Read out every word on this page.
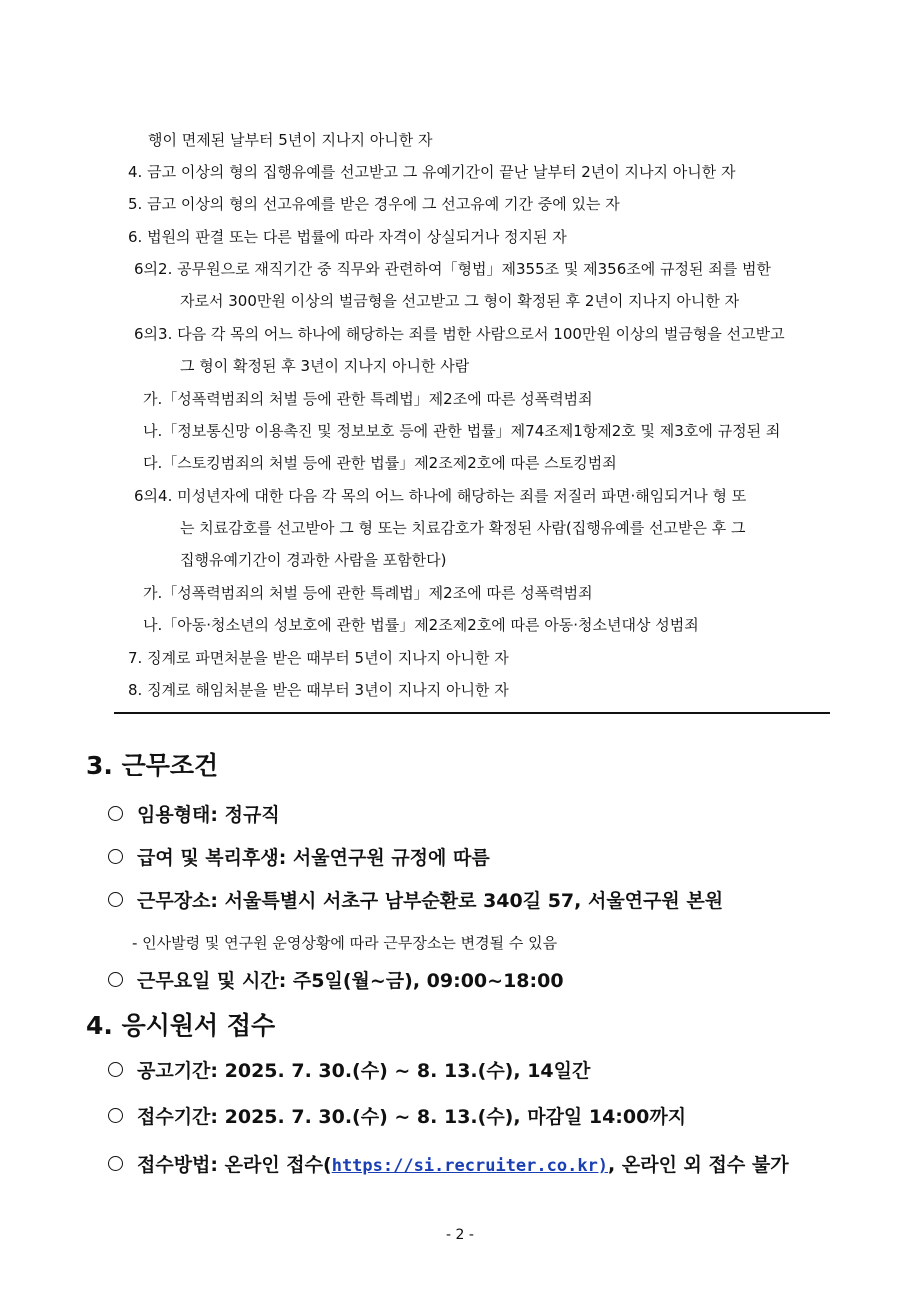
행이 면제된 날부터 5년이 지나지 아니한 자
4. 금고 이상의 형의 집행유예를 선고받고 그 유예기간이 끝난 날부터 2년이 지나지 아니한 자
5. 금고 이상의 형의 선고유예를 받은 경우에 그 선고유예 기간 중에 있는 자
6. 법원의 판결 또는 다른 법률에 따라 자격이 상실되거나 정지된 자
6의2. 공무원으로 재직기간 중 직무와 관련하여「형법」제355조 및 제356조에 규정된 죄를 범한
자로서 300만원 이상의 벌금형을 선고받고 그 형이 확정된 후 2년이 지나지 아니한 자
6의3. 다음 각 목의 어느 하나에 해당하는 죄를 범한 사람으로서 100만원 이상의 벌금형을 선고받고
그 형이 확정된 후 3년이 지나지 아니한 사람
가.「성폭력범죄의 처벌 등에 관한 특례법」제2조에 따른 성폭력범죄
나.「정보통신망 이용촉진 및 정보보호 등에 관한 법률」제74조제1항제2호 및 제3호에 규정된 죄
다.「스토킹범죄의 처벌 등에 관한 법률」제2조제2호에 따른 스토킹범죄
6의4. 미성년자에 대한 다음 각 목의 어느 하나에 해당하는 죄를 저질러 파면·해임되거나 형 또
는 치료감호를 선고받아 그 형 또는 치료감호가 확정된 사람(집행유예를 선고받은 후 그
집행유예기간이 경과한 사람을 포함한다)
가.「성폭력범죄의 처벌 등에 관한 특례법」제2조에 따른 성폭력범죄
나.「아동·청소년의 성보호에 관한 법률」제2조제2호에 따른 아동·청소년대상 성범죄
7. 징계로 파면처분을 받은 때부터 5년이 지나지 아니한 자
8. 징계로 해임처분을 받은 때부터 3년이 지나지 아니한 자
3. 근무조건
임용형태: 정규직
급여 및 복리후생: 서울연구원 규정에 따름
근무장소: 서울특별시 서초구 남부순환로 340길 57, 서울연구원 본원
- 인사발령 및 연구원 운영상황에 따라 근무장소는 변경될 수 있음
근무요일 및 시간: 주5일(월~금), 09:00~18:00
4. 응시원서 접수
공고기간: 2025. 7. 30.(수) ~ 8. 13.(수), 14일간
접수기간: 2025. 7. 30.(수) ~ 8. 13.(수), 마감일 14:00까지
접수방법: 온라인 접수(https://si.recruiter.co.kr), 온라인 외 접수 불가
- 2 -
